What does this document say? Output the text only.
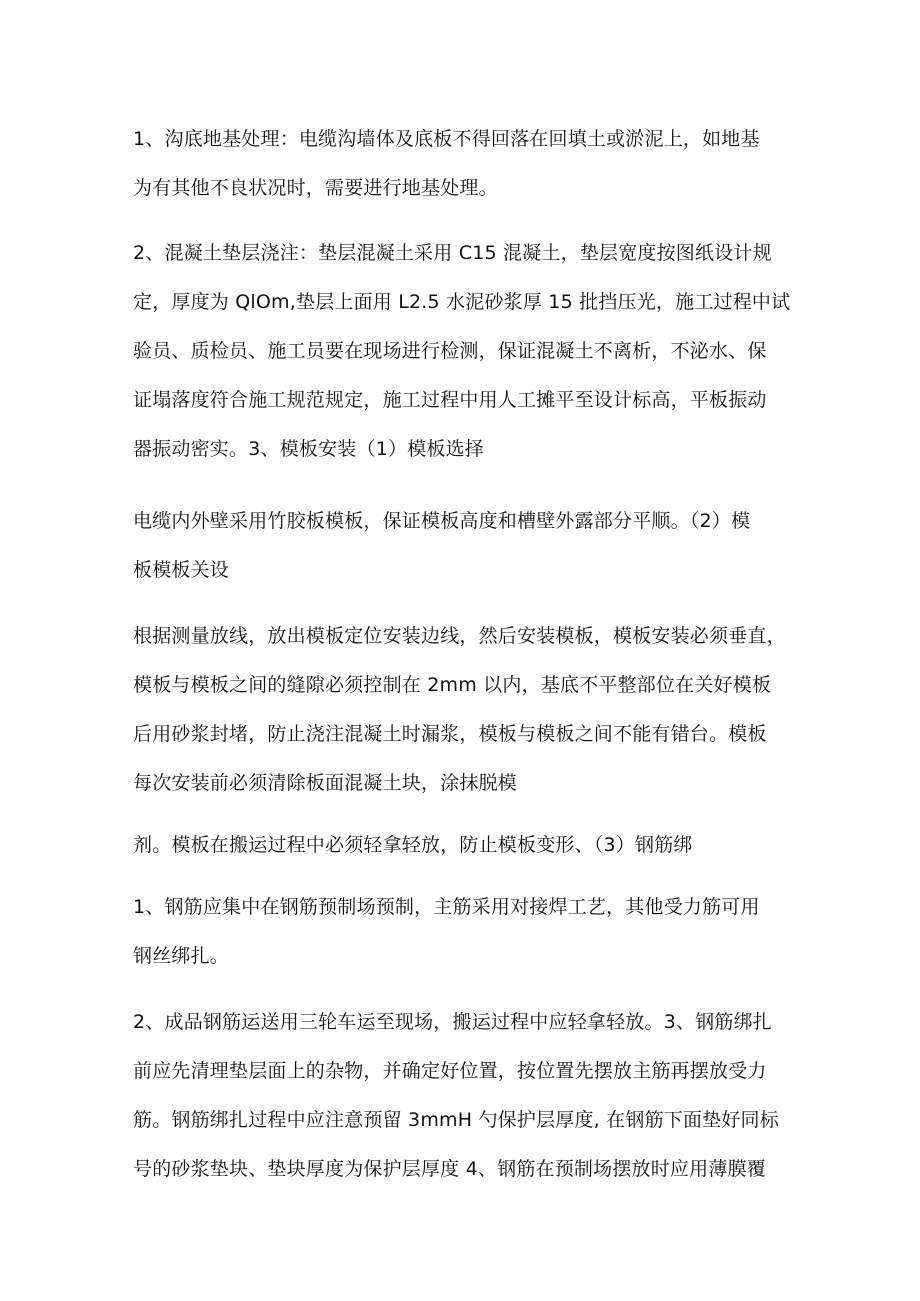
1、沟底地基处理：电缆沟墙体及底板不得回落在回填土或淤泥上，如地基
为有其他不良状况时，需要进行地基处理。
2、混凝土垫层浇注：垫层混凝土采用 C15 混凝土，垫层宽度按图纸设计规
定，厚度为 QlOm,垫层上面用 L2.5 水泥砂浆厚 15 批挡压光，施工过程中试
验员、质检员、施工员要在现场进行检测，保证混凝土不离析，不泌水、保
证塌落度符合施工规范规定，施工过程中用人工摊平至设计标高，平板振动
器振动密实。3、模板安装（1）模板选择
电缆内外壁采用竹胶板模板，保证模板高度和槽壁外露部分平顺。（2）模
板模板关设
根据测量放线，放出模板定位安装边线，然后安装模板，模板安装必须垂直，
模板与模板之间的缝隙必须控制在 2mm 以内，基底不平整部位在关好模板
后用砂浆封堵，防止浇注混凝土时漏浆，模板与模板之间不能有错台。模板
每次安装前必须清除板面混凝土块，涂抹脱模
剂。模板在搬运过程中必须轻拿轻放，防止模板变形、（3）钢筋绑
1、钢筋应集中在钢筋预制场预制，主筋采用对接焊工艺，其他受力筋可用
钢丝绑扎。
2、成品钢筋运送用三轮车运至现场，搬运过程中应轻拿轻放。3、钢筋绑扎
前应先清理垫层面上的杂物，并确定好位置，按位置先摆放主筋再摆放受力
筋。钢筋绑扎过程中应注意预留 3mmH 勺保护层厚度, 在钢筋下面垫好同标
号的砂浆垫块、垫块厚度为保护层厚度 4、钢筋在预制场摆放时应用薄膜覆
